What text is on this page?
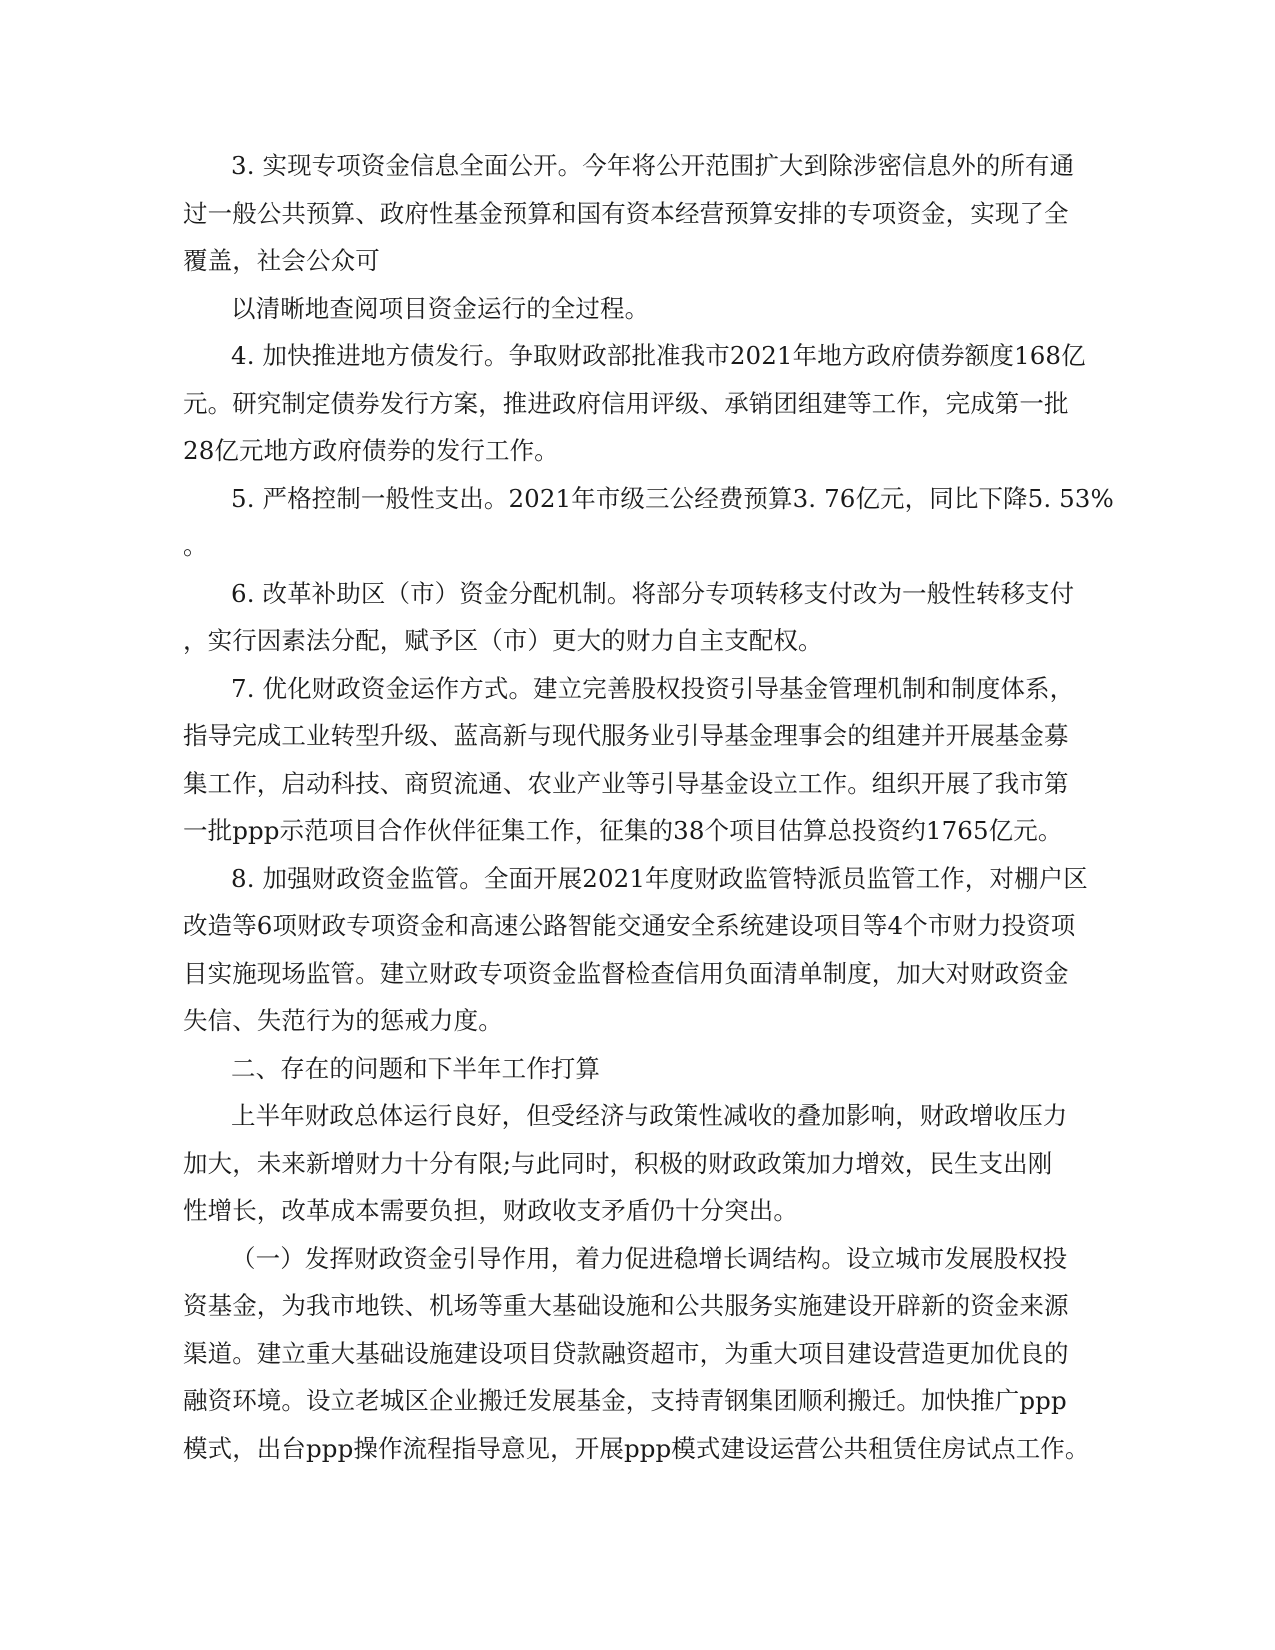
3. 实现专项资金信息全面公开。今年将公开范围扩大到除涉密信息外的所有通
过一般公共预算、政府性基金预算和国有资本经营预算安排的专项资金，实现了全
覆盖，社会公众可
以清晰地查阅项目资金运行的全过程。
4. 加快推进地方债发行。争取财政部批准我市2021年地方政府债券额度168亿
元。研究制定债券发行方案，推进政府信用评级、承销团组建等工作，完成第一批
28亿元地方政府债券的发行工作。
5. 严格控制一般性支出。2021年市级三公经费预算3. 76亿元，同比下降5. 53%
。
6. 改革补助区（市）资金分配机制。将部分专项转移支付改为一般性转移支付
，实行因素法分配，赋予区（市）更大的财力自主支配权。
7. 优化财政资金运作方式。建立完善股权投资引导基金管理机制和制度体系，
指导完成工业转型升级、蓝高新与现代服务业引导基金理事会的组建并开展基金募
集工作，启动科技、商贸流通、农业产业等引导基金设立工作。组织开展了我市第
一批ppp示范项目合作伙伴征集工作，征集的38个项目估算总投资约1765亿元。
8. 加强财政资金监管。全面开展2021年度财政监管特派员监管工作，对棚户区
改造等6项财政专项资金和高速公路智能交通安全系统建设项目等4个市财力投资项
目实施现场监管。建立财政专项资金监督检查信用负面清单制度，加大对财政资金
失信、失范行为的惩戒力度。
二、存在的问题和下半年工作打算
上半年财政总体运行良好，但受经济与政策性减收的叠加影响，财政增收压力
加大，未来新增财力十分有限;与此同时，积极的财政政策加力增效，民生支出刚
性增长，改革成本需要负担，财政收支矛盾仍十分突出。
（一）发挥财政资金引导作用，着力促进稳增长调结构。设立城市发展股权投
资基金，为我市地铁、机场等重大基础设施和公共服务实施建设开辟新的资金来源
渠道。建立重大基础设施建设项目贷款融资超市，为重大项目建设营造更加优良的
融资环境。设立老城区企业搬迁发展基金，支持青钢集团顺利搬迁。加快推广ppp
模式，出台ppp操作流程指导意见，开展ppp模式建设运营公共租赁住房试点工作。
